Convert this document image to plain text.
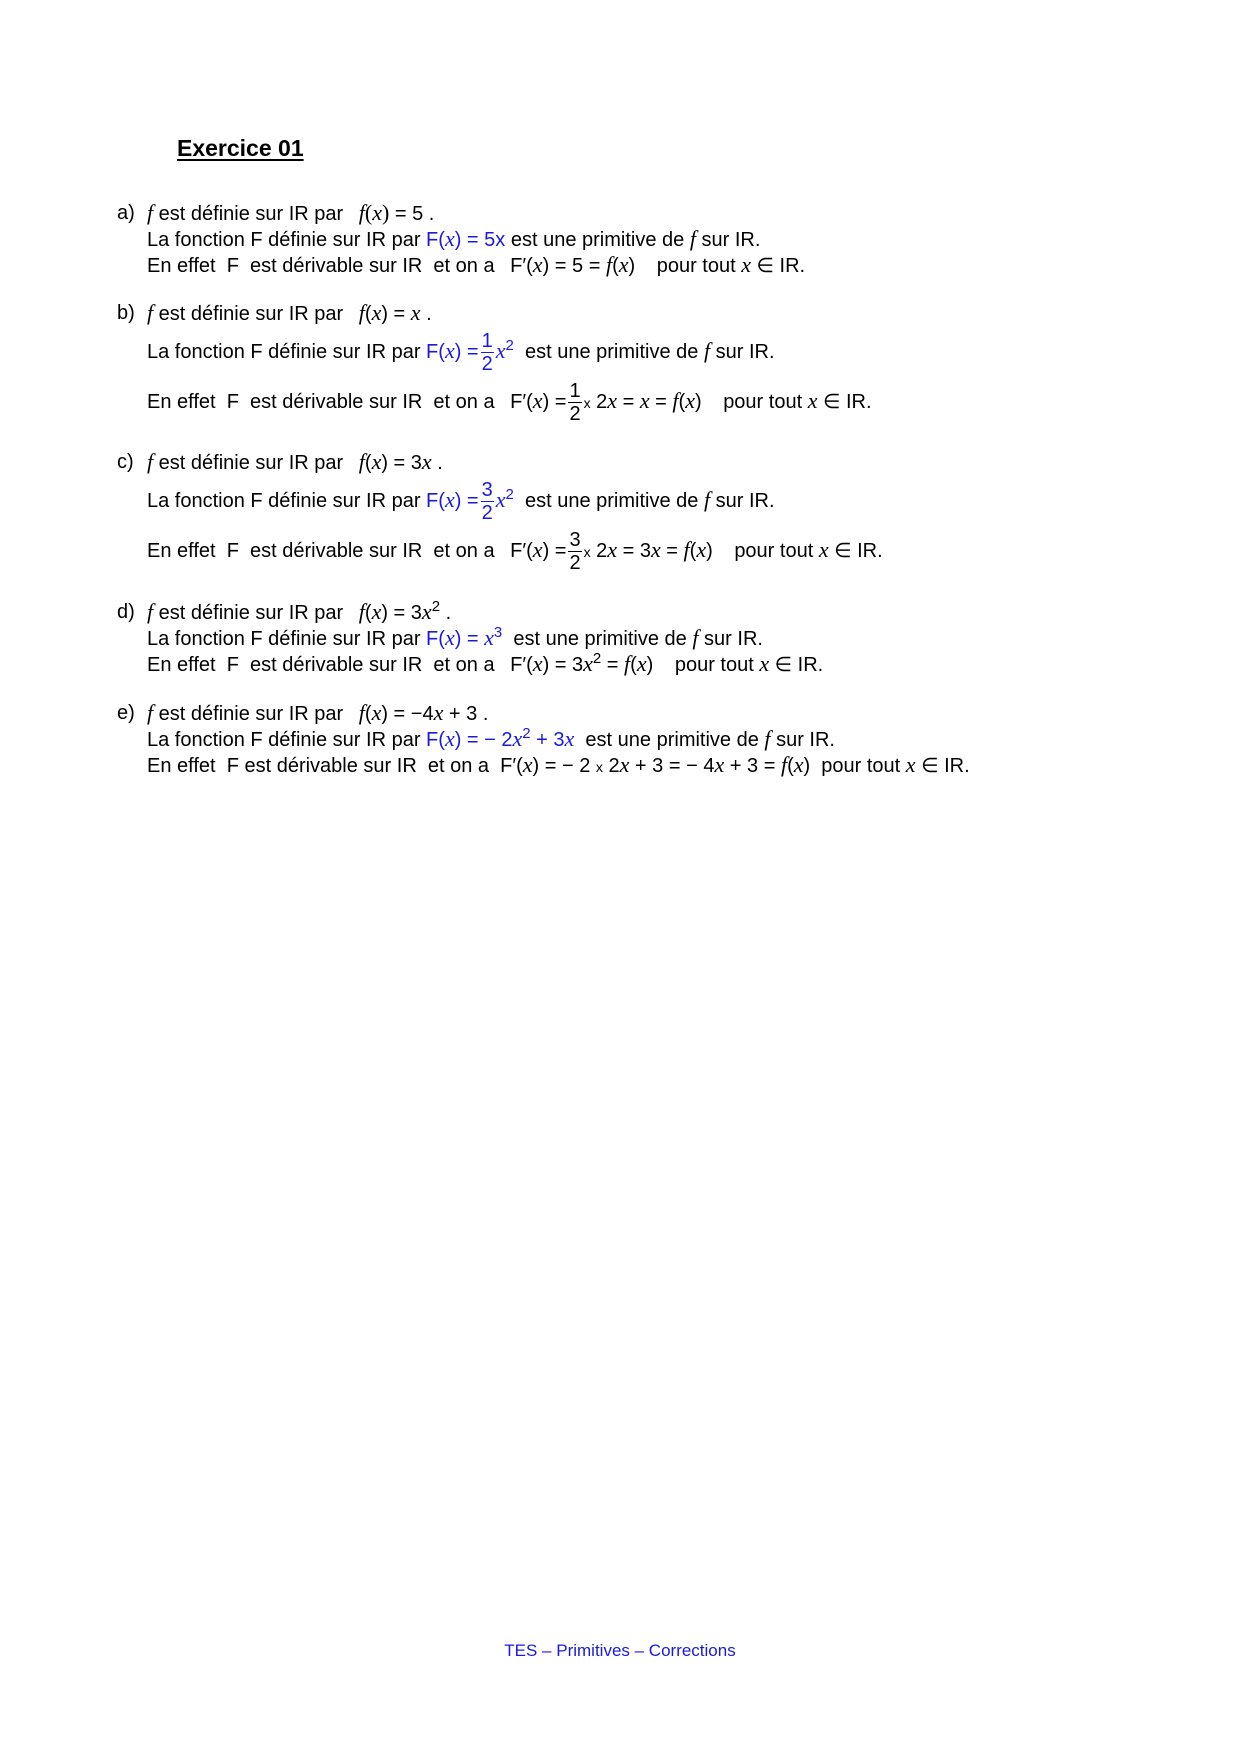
Exercice 01
a) f est définie sur IR par f(x) = 5 .
La fonction F définie sur IR par F(x) = 5x est une primitive de f sur IR.
En effet  F  est dérivable sur IR  et on a F′(x) = 5 = f(x) pour tout x ∈ IR.
b) f est définie sur IR par f(x) = x .
La fonction F définie sur IR par $F(x) = \frac{1}{2} x^2$  est une primitive de f sur IR.
En effet  F  est dérivable sur IR  et on a $F'(x) = \frac{1}{2}$ x 2x = x = f(x) pour tout x ∈ IR.
c) f est définie sur IR par f(x) = 3x .
La fonction F définie sur IR par $F(x) = \frac{3}{2} x^2$  est une primitive de f sur IR.
En effet  F  est dérivable sur IR  et on a $F'(x) = \frac{3}{2}$ x 2x = 3x = f(x) pour tout x ∈ IR.
d) f est définie sur IR par $f(x) = 3x^2$ .
La fonction F définie sur IR par $F(x) = x^3$  est une primitive de f sur IR.
En effet  F  est dérivable sur IR  et on a $F'(x) = 3x^2 = f(x)$ pour tout x ∈ IR.
e) f est définie sur IR par f(x) = −4x + 3 .
La fonction F définie sur IR par F(x) = − $2x^2 + 3x$  est une primitive de f sur IR.
En effet  F est dérivable sur IR  et on a  F′(x) = − 2 x 2x + 3 = − 4x + 3 = f(x)  pour tout x ∈ IR.
TES – Primitives – Corrections
